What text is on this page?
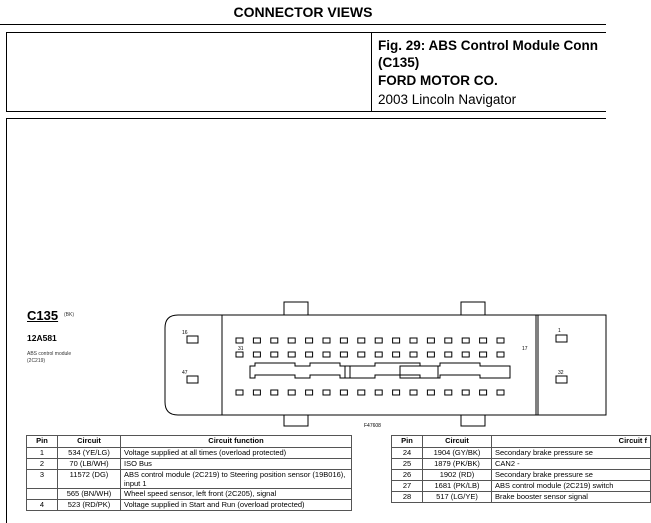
CONNECTOR VIEWS
Fig. 29: ABS Control Module Conn
(C135)
FORD MOTOR CO.
2003 Lincoln Navigator
C135 (BK)
12A581
ABS control module
(2C219)
16
31
47
1
17
32
F47608
Pin	Circuit	Circuit function
1	534 (YE/LG)	Voltage supplied at all times (overload protected)
2	70 (LB/WH)	ISO Bus
3	11572 (DG)	ABS control module (2C219) to Steering position sensor (19B016), input 1
	565 (BN/WH)	Wheel speed sensor, left front (2C205), signal
4	523 (RD/PK)	Voltage supplied in Start and Run (overload protected)
Pin	Circuit	Circuit f
24	1904 (GY/BK)	Secondary brake pressure se
25	1879 (PK/BK)	CAN2 -
26	1902 (RD)	Secondary brake pressure se
27	1681 (PK/LB)	ABS control module (2C219) switch
28	517 (LG/YE)	Brake booster sensor signal
